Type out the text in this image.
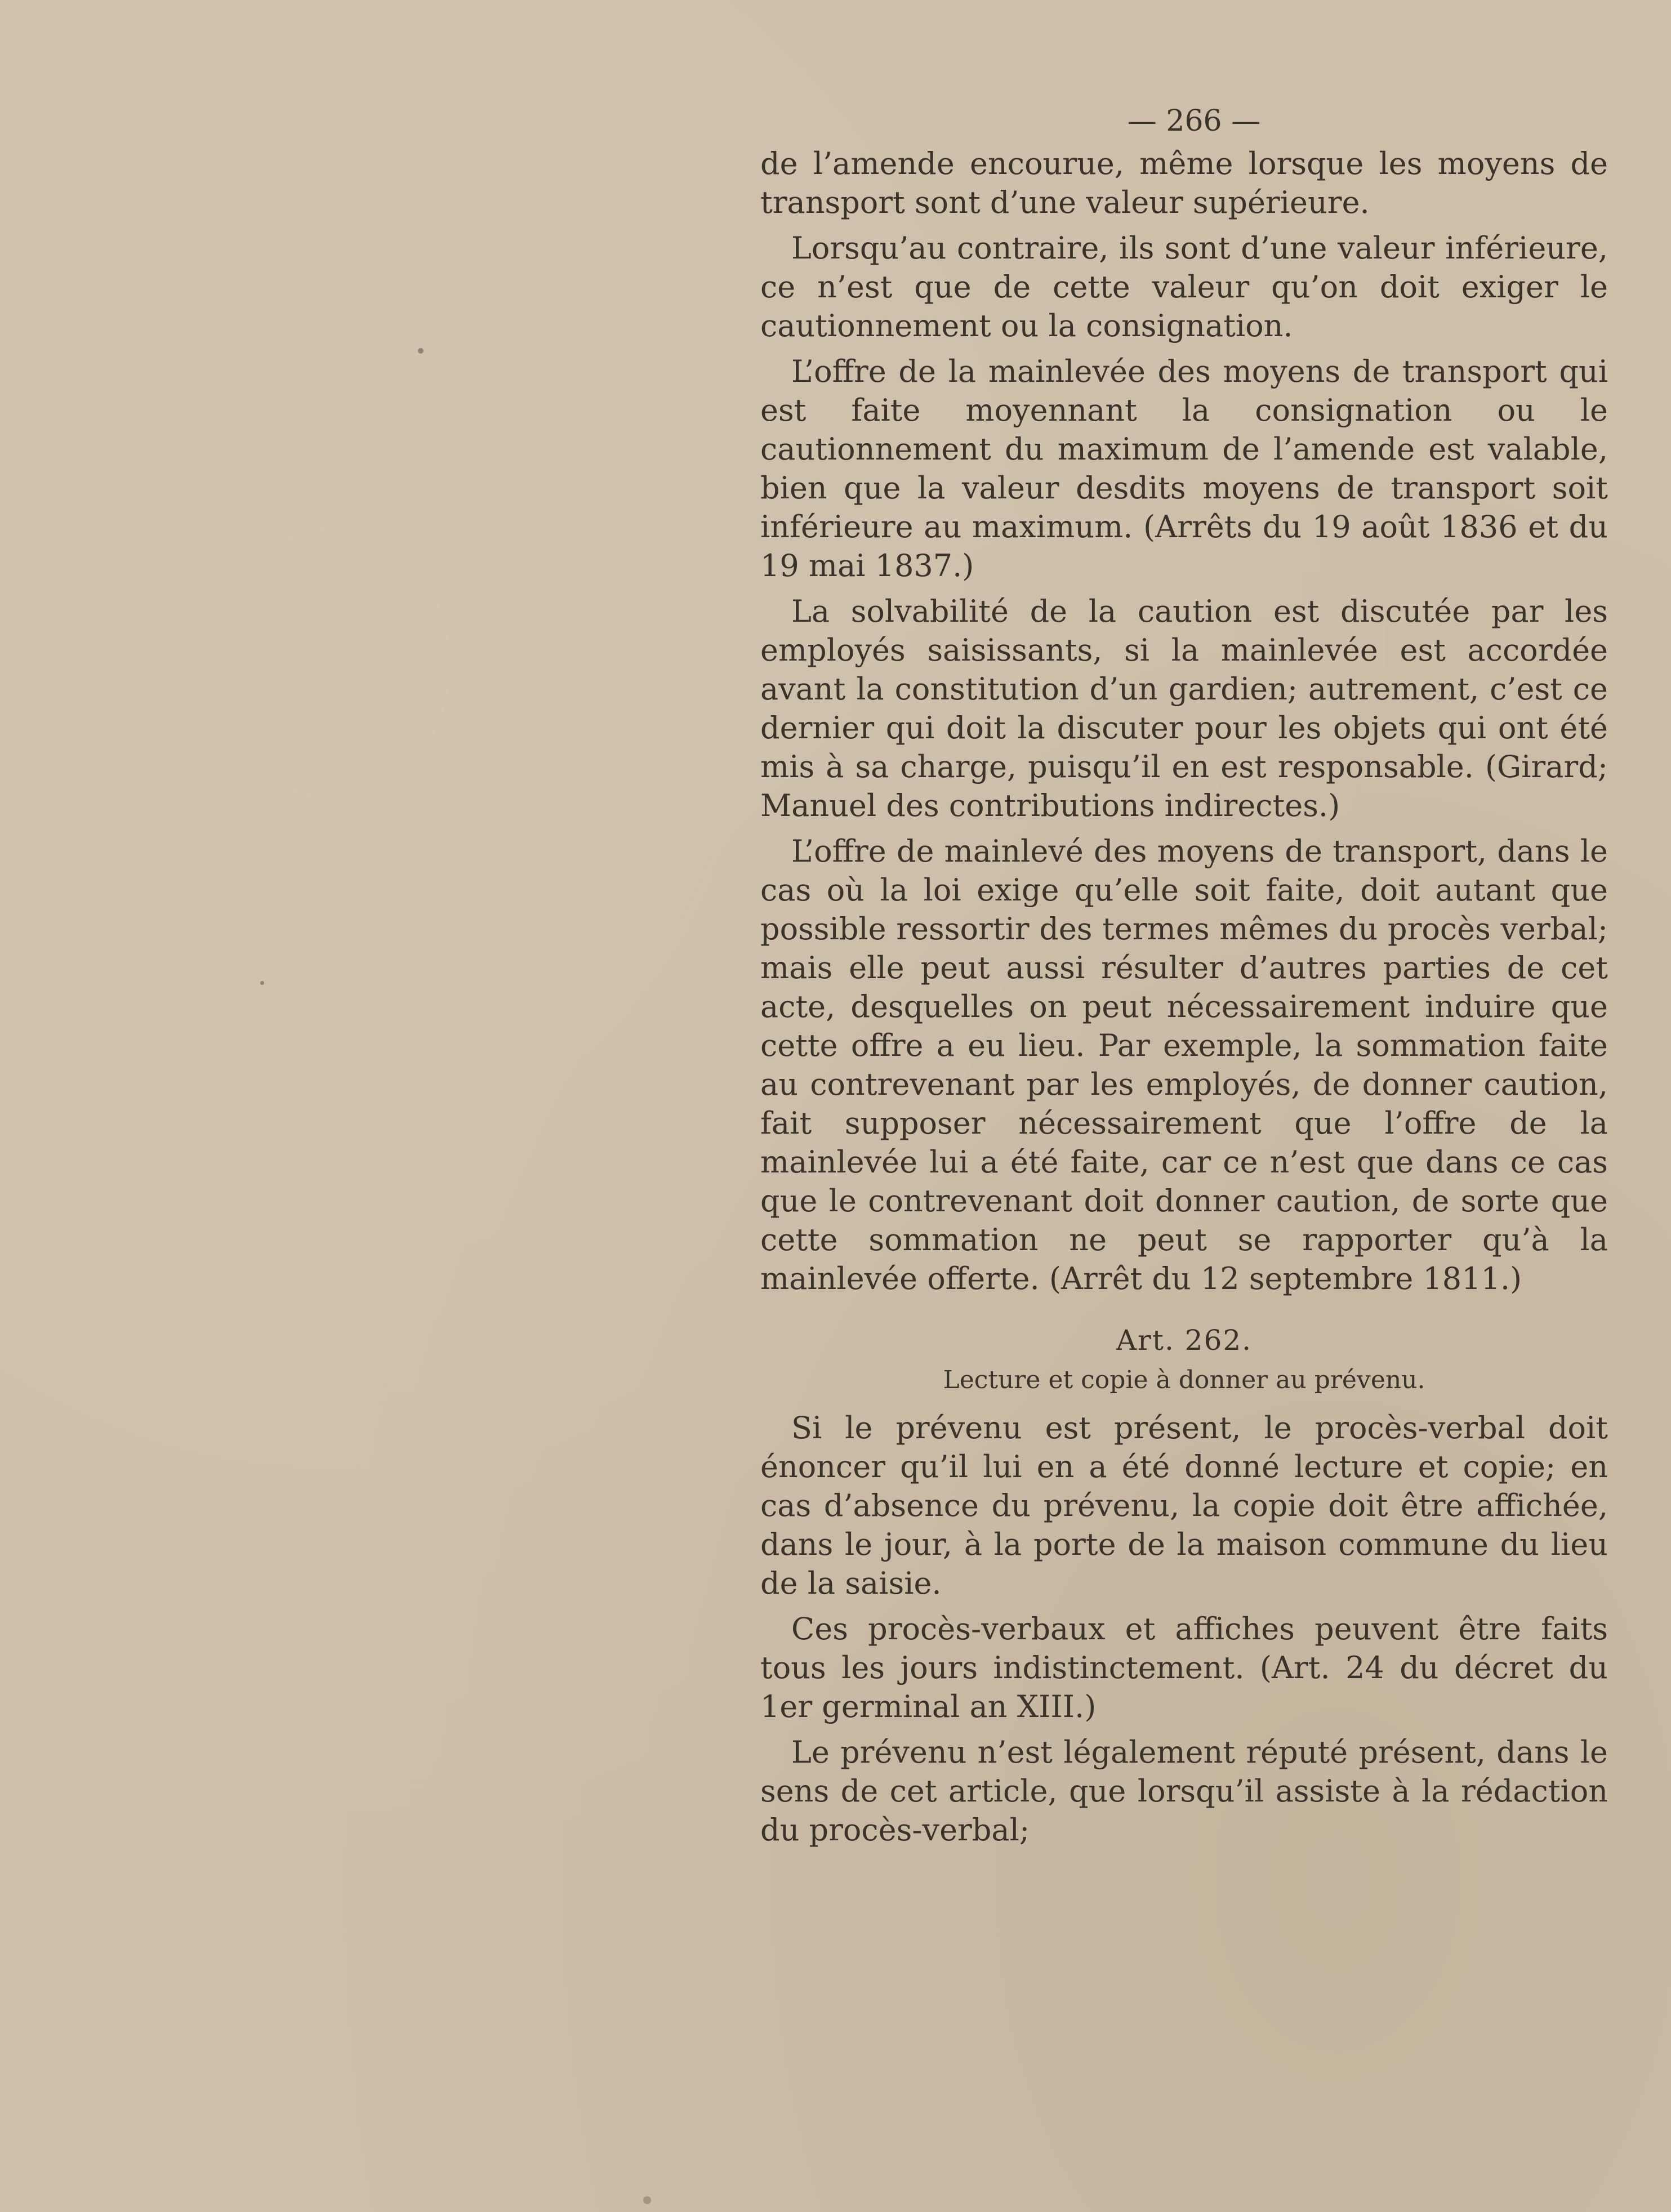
— 266 —

de l’amende encourue, même lorsque les moyens de transport sont d’une valeur supérieure.

Lorsqu’au contraire, ils sont d’une valeur inférieure, ce n’est que de cette valeur qu’on doit exiger le cautionnement ou la consignation.

L’offre de la mainlevée des moyens de transport qui est faite moyennant la consignation ou le cautionnement du maximum de l’amende est valable, bien que la valeur desdits moyens de transport soit inférieure au maximum. (Arrêts du 19 août 1836 et du 19 mai 1837.)

La solvabilité de la caution est discutée par les employés saisissants, si la mainlevée est accordée avant la constitution d’un gardien; autrement, c’est ce dernier qui doit la discuter pour les objets qui ont été mis à sa charge, puisqu’il en est responsable. (Girard; Manuel des contributions indirectes.)

L’offre de mainlevé des moyens de transport, dans le cas où la loi exige qu’elle soit faite, doit autant que possible ressortir des termes mêmes du procès verbal; mais elle peut aussi résulter d’autres parties de cet acte, desquelles on peut nécessairement induire que cette offre a eu lieu. Par exemple, la sommation faite au contrevenant par les employés, de donner caution, fait supposer nécessairement que l’offre de la mainlevée lui a été faite, car ce n’est que dans ce cas que le contrevenant doit donner caution, de sorte que cette sommation ne peut se rapporter qu’à la mainlevée offerte. (Arrêt du 12 septembre 1811.)

Art. 262.
Lecture et copie à donner au prévenu.

Si le prévenu est présent, le procès-verbal doit énoncer qu’il lui en a été donné lecture et copie; en cas d’absence du prévenu, la copie doit être affichée, dans le jour, à la porte de la maison commune du lieu de la saisie.

Ces procès-verbaux et affiches peuvent être faits tous les jours indistinctement. (Art. 24 du décret du 1er germinal an XIII.)

Le prévenu n’est légalement réputé présent, dans le sens de cet article, que lorsqu’il assiste à la rédaction du procès-verbal;
